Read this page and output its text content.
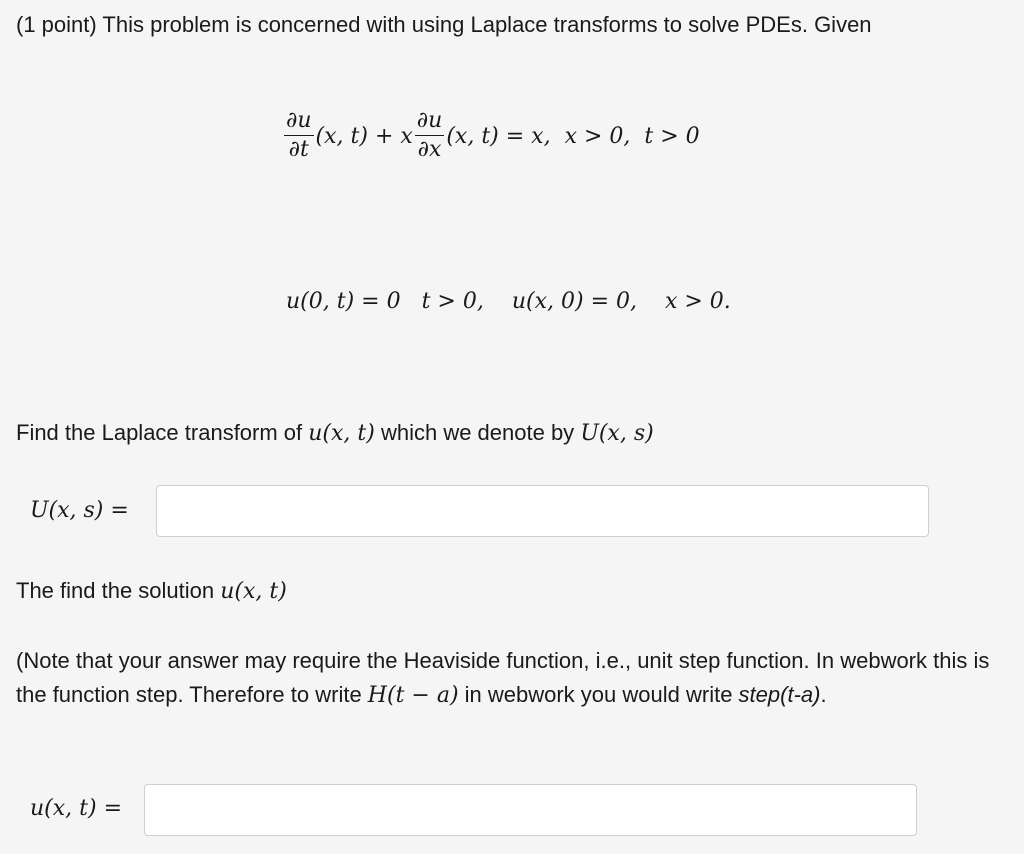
(1 point) This problem is concerned with using Laplace transforms to solve PDEs. Given
$\frac{\partial u}{\partial t} (x$, t) + x $\frac{\partial u}{\partial x} (x$, t) = x, x > 0, t > 0
u(0, t) = 0 t > 0, u(x, 0) = 0, x > 0.
Find the Laplace transform of u(x, t) which we denote by U(x, s)
U(x, s) =
The find the solution u(x, t)
(Note that your answer may require the Heaviside function, i.e., unit step function. In webwork this is the function step. Therefore to write H(t − a) in webwork you would write step(t-a).
u(x, t) =
